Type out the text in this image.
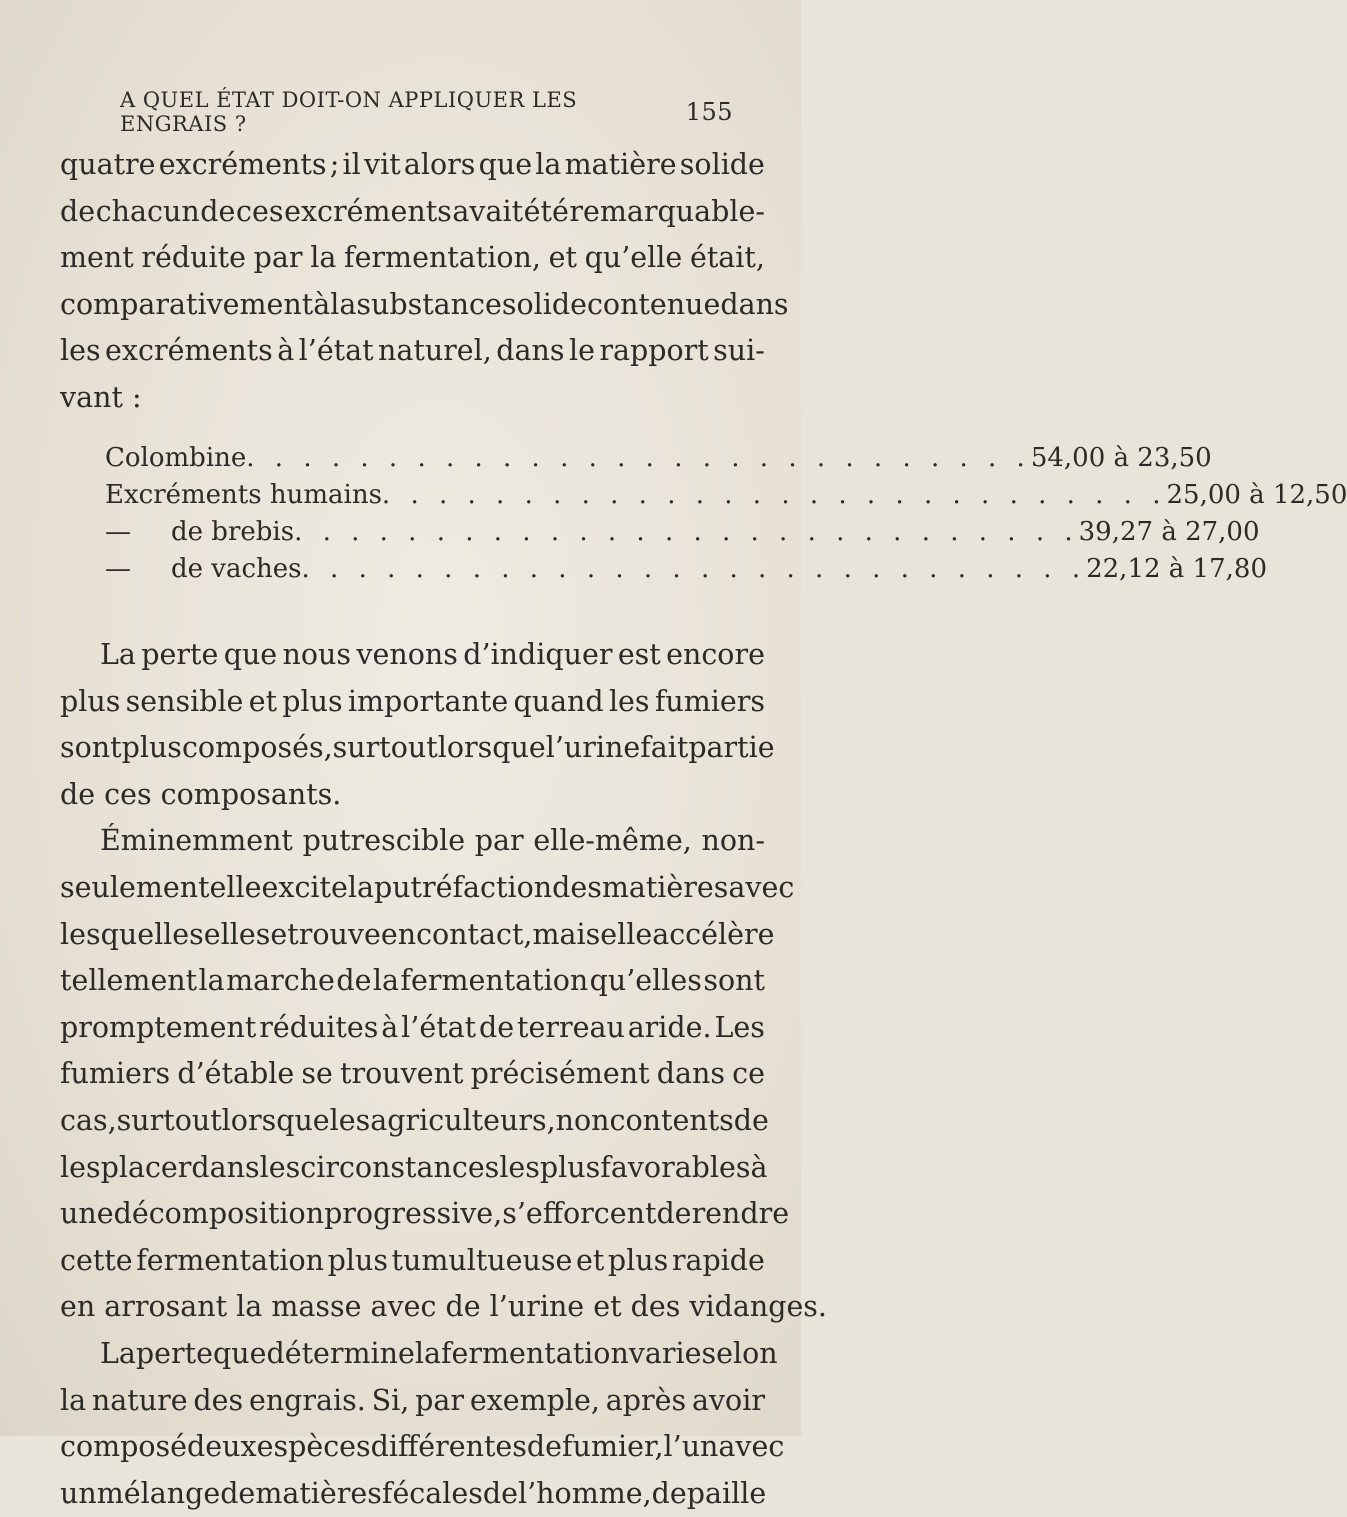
A QUEL ÉTAT DOIT-ON APPLIQUER LES ENGRAIS ?	155
quatre excréments ; il vit alors que la matière solide
de chacun de ces excréments avait été remarquable-
ment réduite par la fermentation, et qu’elle était,
comparativement à la substance solide contenue dans
les excréments à l’état naturel, dans le rapport sui-
vant :
Colombine . . . . . . . . . . . . . . . . . . . . . . . . . . . . 54,00 à 23,50
Excréments humains . . . . . . . . . . . . . . . . . . . . . . . . . . . . 25,00 à 12,50
—	de brebis . . . . . . . . . . . . . . . . . . . . . . . . . . . . 39,27 à 27,00
—	de vaches . . . . . . . . . . . . . . . . . . . . . . . . . . . . 22,12 à 17,80
La perte que nous venons d’indiquer est encore
plus sensible et plus importante quand les fumiers
sont plus composés, surtout lorsque l’urine fait partie
de ces composants.
Éminemment putrescible par elle-même, non-
seulement elle excite la putréfaction des matières avec
lesquelles elle se trouve en contact, mais elle accélère
tellement la marche de la fermentation qu’elles sont
promptement réduites à l’état de terreau aride. Les
fumiers d’étable se trouvent précisément dans ce
cas, surtout lorsque les agriculteurs, non contents de
les placer dans les circonstances les plus favorables à
une décomposition progressive, s’efforcent de rendre
cette fermentation plus tumultueuse et plus rapide
en arrosant la masse avec de l’urine et des vidanges.
La perte que détermine la fermentation varie selon
la nature des engrais. Si, par exemple, après avoir
composé deux espèces différentes de fumier, l’un avec
un mélange de matières fécales de l’homme, de paille
